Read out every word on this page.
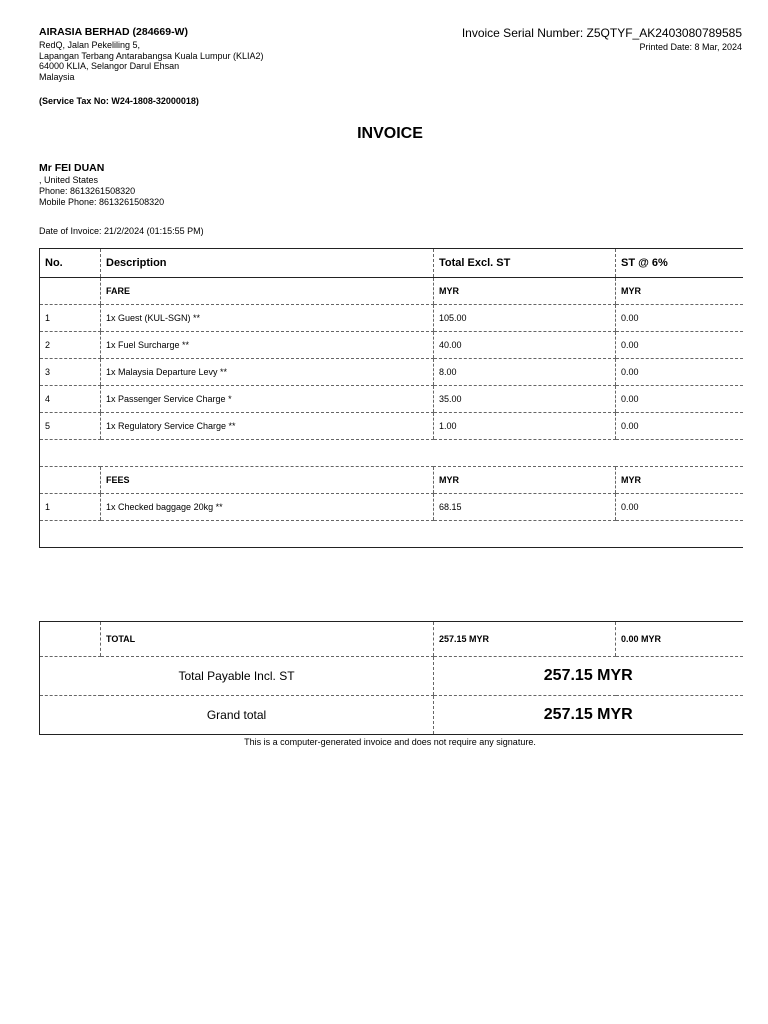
AIRASIA BERHAD (284669-W)
RedQ, Jalan Pekeliling 5,
Lapangan Terbang Antarabangsa Kuala Lumpur (KLIA2)
64000 KLIA, Selangor Darul Ehsan
Malaysia
(Service Tax No: W24-1808-32000018)
Invoice Serial Number: Z5QTYF_AK2403080789585
Printed Date: 8 Mar, 2024
INVOICE
Mr FEI DUAN
, United States
Phone: 8613261508320
Mobile Phone: 8613261508320
Date of Invoice: 21/2/2024 (01:15:55 PM)
No.	Description	Total Excl. ST	ST @ 6%
	FARE	MYR	MYR
1	1x Guest (KUL-SGN) **	105.00	0.00
2	1x Fuel Surcharge **	40.00	0.00
3	1x Malaysia Departure Levy **	8.00	0.00
4	1x Passenger Service Charge *	35.00	0.00
5	1x Regulatory Service Charge **	1.00	0.00

	FEES	MYR	MYR
1	1x Checked baggage 20kg **	68.15	0.00

	TOTAL	257.15 MYR	0.00 MYR
Total Payable Incl. ST		257.15 MYR	
Grand total		257.15 MYR	
This is a computer-generated invoice and does not require any signature.
